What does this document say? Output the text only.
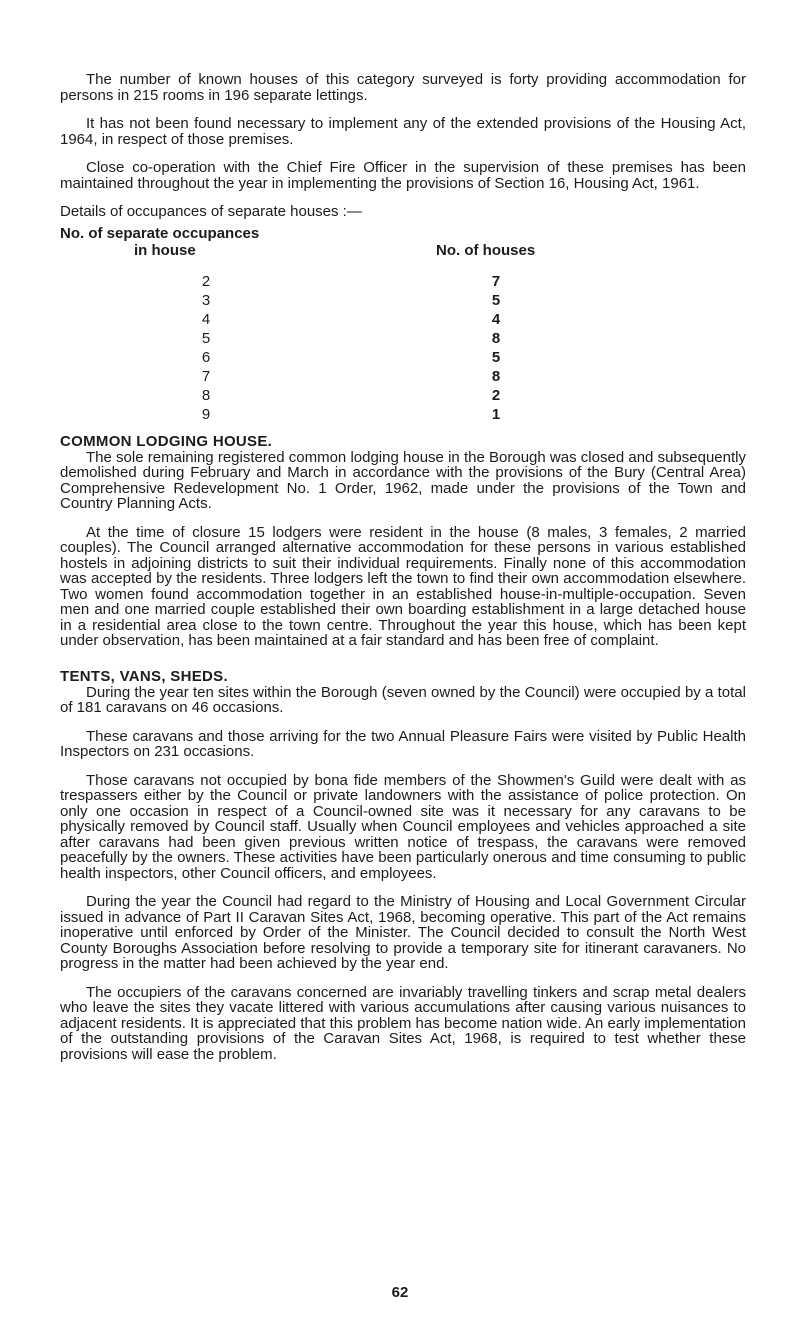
The number of known houses of this category surveyed is forty providing accommodation for persons in 215 rooms in 196 separate lettings.

It has not been found necessary to implement any of the extended provisions of the Housing Act, 1964, in respect of those premises.

Close co-operation with the Chief Fire Officer in the supervision of these premises has been maintained throughout the year in implementing the provisions of Section 16, Housing Act, 1961.

Details of occupances of separate houses :—

No. of separate occupances
in house	No. of houses
2	7
3	5
4	4
5	8
6	5
7	8
8	2
9	1
COMMON LODGING HOUSE.

The sole remaining registered common lodging house in the Borough was closed and subsequently demolished during February and March in accordance with the provisions of the Bury (Central Area) Comprehensive Redevelopment No. 1 Order, 1962, made under the provisions of the Town and Country Planning Acts.

At the time of closure 15 lodgers were resident in the house (8 males, 3 females, 2 married couples). The Council arranged alternative accommodation for these persons in various established hostels in adjoining districts to suit their individual requirements. Finally none of this accommodation was accepted by the residents. Three lodgers left the town to find their own accommodation elsewhere. Two women found accommodation together in an established house-in-multiple-occupation. Seven men and one married couple established their own boarding establishment in a large detached house in a residential area close to the town centre. Throughout the year this house, which has been kept under observation, has been maintained at a fair standard and has been free of complaint.

TENTS, VANS, SHEDS.

During the year ten sites within the Borough (seven owned by the Council) were occupied by a total of 181 caravans on 46 occasions.

These caravans and those arriving for the two Annual Pleasure Fairs were visited by Public Health Inspectors on 231 occasions.

Those caravans not occupied by bona fide members of the Showmen's Guild were dealt with as trespassers either by the Council or private landowners with the assistance of police protection. On only one occasion in respect of a Council-owned site was it necessary for any caravans to be physically removed by Council staff. Usually when Council employees and vehicles approached a site after caravans had been given previous written notice of trespass, the caravans were removed peacefully by the owners. These activities have been particularly onerous and time consuming to public health inspectors, other Council officers, and employees.

During the year the Council had regard to the Ministry of Housing and Local Government Circular issued in advance of Part II Caravan Sites Act, 1968, becoming operative. This part of the Act remains inoperative until enforced by Order of the Minister. The Council decided to consult the North West County Boroughs Association before resolving to provide a temporary site for itinerant caravaners. No progress in the matter had been achieved by the year end.

The occupiers of the caravans concerned are invariably travelling tinkers and scrap metal dealers who leave the sites they vacate littered with various accumulations after causing various nuisances to adjacent residents. It is appreciated that this problem has become nation wide. An early implementation of the outstanding provisions of the Caravan Sites Act, 1968, is required to test whether these provisions will ease the problem.

62
